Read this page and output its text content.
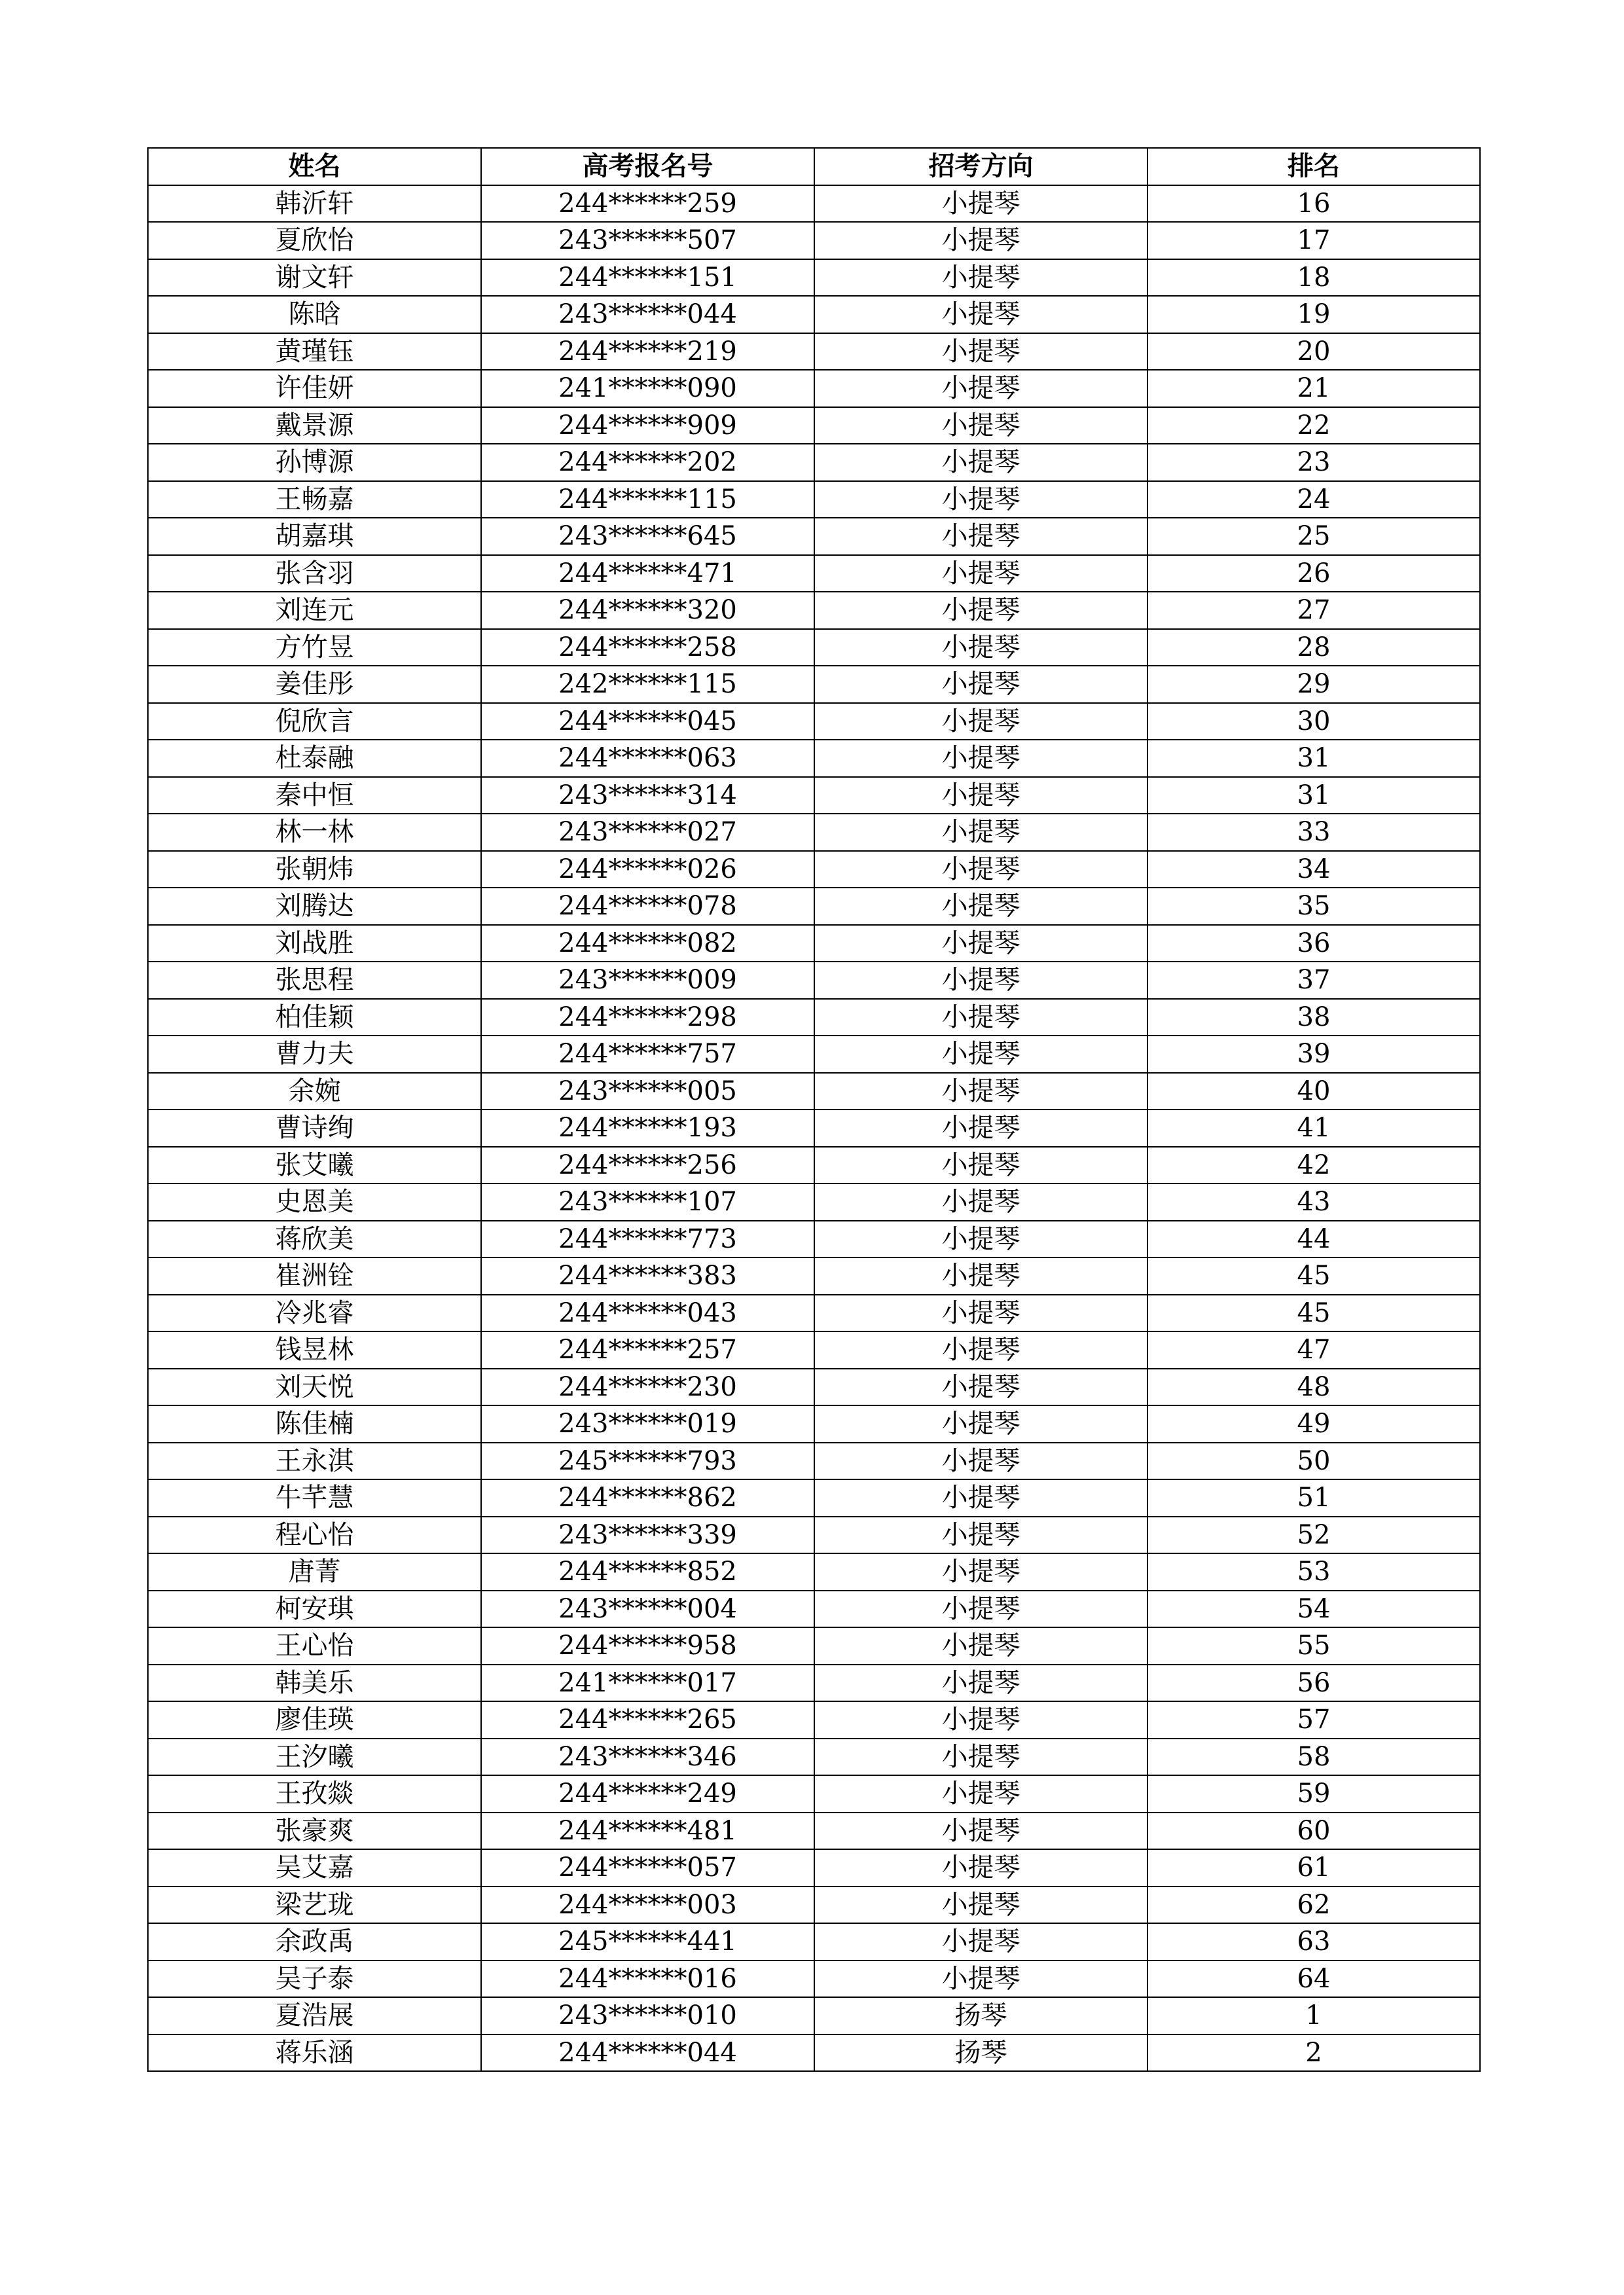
姓名	高考报名号	招考方向	排名
韩沂轩	244******259	小提琴	16
夏欣怡	243******507	小提琴	17
谢文轩	244******151	小提琴	18
陈晗	243******044	小提琴	19
黄瑾钰	244******219	小提琴	20
许佳妍	241******090	小提琴	21
戴景源	244******909	小提琴	22
孙博源	244******202	小提琴	23
王畅嘉	244******115	小提琴	24
胡嘉琪	243******645	小提琴	25
张含羽	244******471	小提琴	26
刘连元	244******320	小提琴	27
方竹昱	244******258	小提琴	28
姜佳彤	242******115	小提琴	29
倪欣言	244******045	小提琴	30
杜泰融	244******063	小提琴	31
秦中恒	243******314	小提琴	31
林一林	243******027	小提琴	33
张朝炜	244******026	小提琴	34
刘腾达	244******078	小提琴	35
刘战胜	244******082	小提琴	36
张思程	243******009	小提琴	37
柏佳颖	244******298	小提琴	38
曹力夫	244******757	小提琴	39
余婉	243******005	小提琴	40
曹诗绚	244******193	小提琴	41
张艾曦	244******256	小提琴	42
史恩美	243******107	小提琴	43
蒋欣美	244******773	小提琴	44
崔洲铨	244******383	小提琴	45
冷兆睿	244******043	小提琴	45
钱昱林	244******257	小提琴	47
刘天悦	244******230	小提琴	48
陈佳楠	243******019	小提琴	49
王永淇	245******793	小提琴	50
牛芊慧	244******862	小提琴	51
程心怡	243******339	小提琴	52
唐菁	244******852	小提琴	53
柯安琪	243******004	小提琴	54
王心怡	244******958	小提琴	55
韩美乐	241******017	小提琴	56
廖佳瑛	244******265	小提琴	57
王汐曦	243******346	小提琴	58
王孜燚	244******249	小提琴	59
张豪爽	244******481	小提琴	60
吴艾嘉	244******057	小提琴	61
梁艺珑	244******003	小提琴	62
余政禹	245******441	小提琴	63
吴子泰	244******016	小提琴	64
夏浩展	243******010	扬琴	1
蒋乐涵	244******044	扬琴	2
